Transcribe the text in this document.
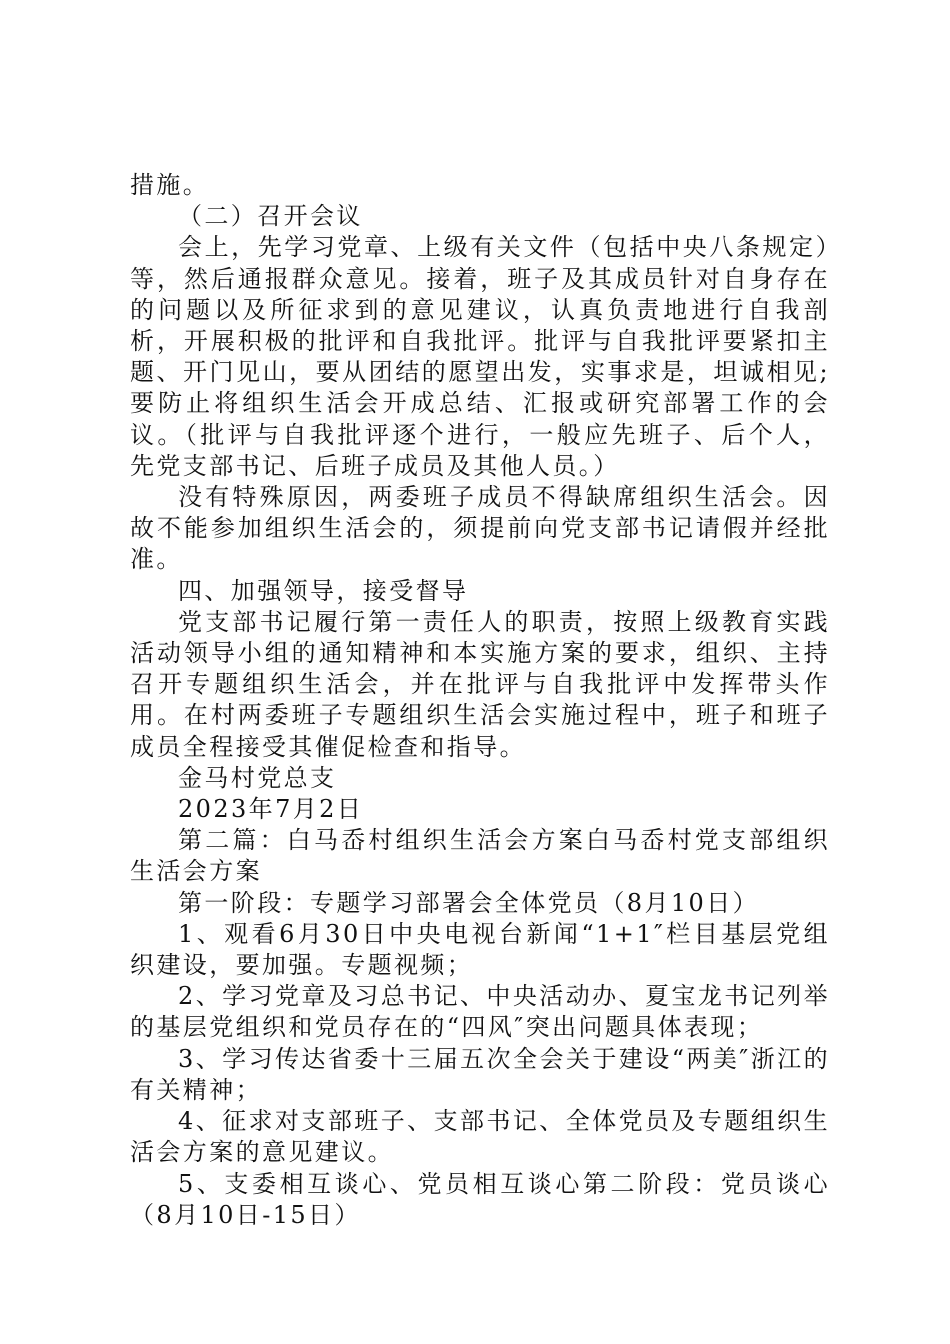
措施。

（二）召开会议

会上，先学习党章、上级有关文件（包括中央八条规定）等，然后通报群众意见。接着，班子及其成员针对自身存在的问题以及所征求到的意见建议，认真负责地进行自我剖析，开展积极的批评和自我批评。批评与自我批评要紧扣主题、开门见山，要从团结的愿望出发，实事求是，坦诚相见;要防止将组织生活会开成总结、汇报或研究部署工作的会议。（批评与自我批评逐个进行，一般应先班子、后个人，先党支部书记、后班子成员及其他人员。）

没有特殊原因，两委班子成员不得缺席组织生活会。因故不能参加组织生活会的，须提前向党支部书记请假并经批准。

四、加强领导，接受督导

党支部书记履行第一责任人的职责，按照上级教育实践活动领导小组的通知精神和本实施方案的要求，组织、主持召开专题组织生活会，并在批评与自我批评中发挥带头作用。在村两委班子专题组织生活会实施过程中，班子和班子成员全程接受其催促检查和指导。

金马村党总支

2023年7月2日

第二篇：白马岙村组织生活会方案白马岙村党支部组织生活会方案

第一阶段：专题学习部署会全体党员（8月10日）

1、观看6月30日中央电视台新闻“1+1″栏目基层党组织建设，要加强。专题视频；

2、学习党章及习总书记、中央活动办、夏宝龙书记列举的基层党组织和党员存在的“四风″突出问题具体表现；

3、学习传达省委十三届五次全会关于建设“两美″浙江的有关精神；

4、征求对支部班子、支部书记、全体党员及专题组织生活会方案的意见建议。

5、支委相互谈心、党员相互谈心第二阶段：党员谈心（8月10日-15日）
